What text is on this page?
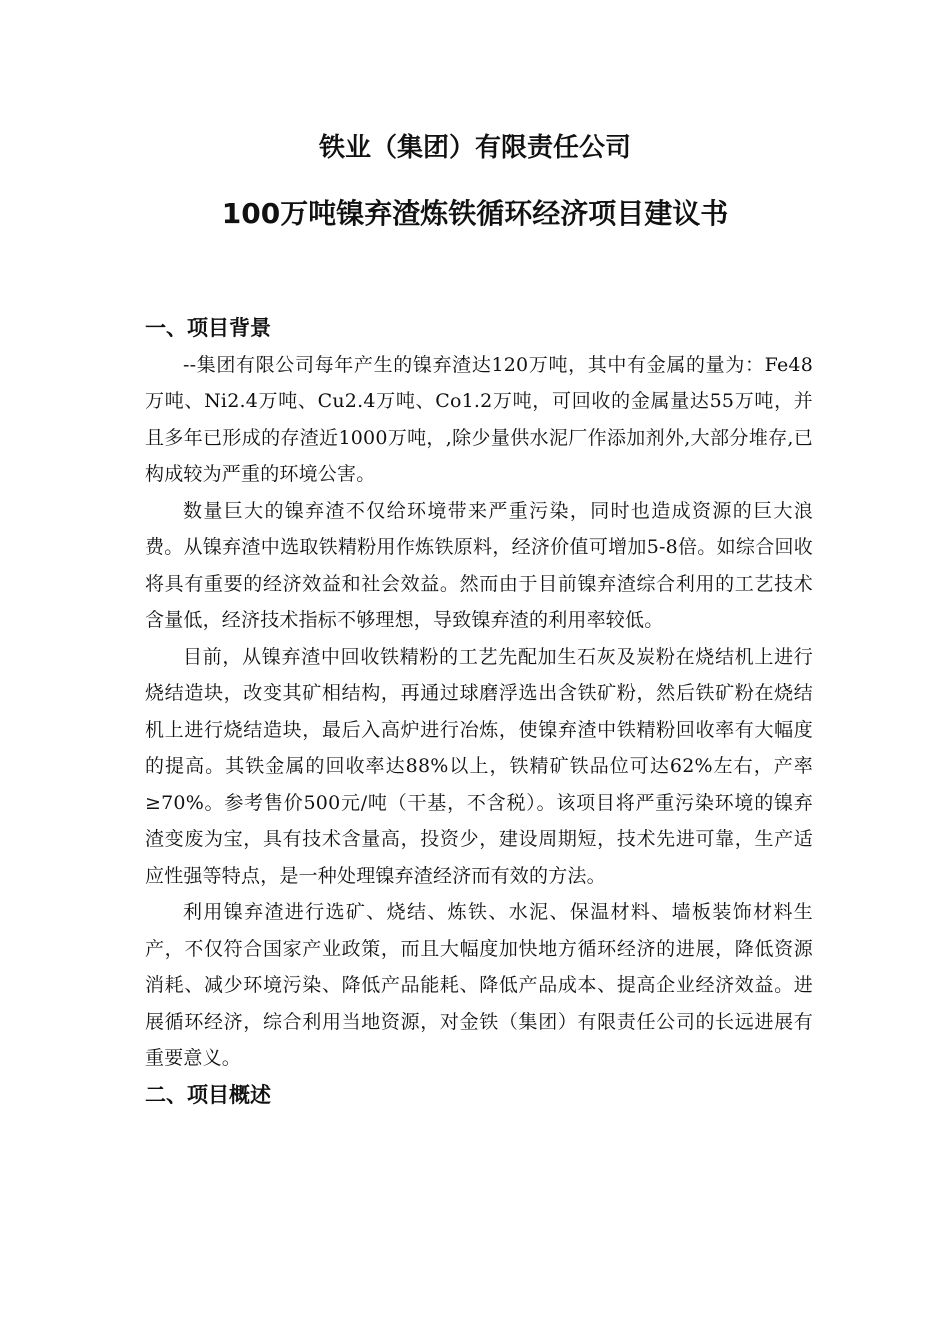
铁业（集团）有限责任公司
100万吨镍弃渣炼铁循环经济项目建议书
一、项目背景

--集团有限公司每年产生的镍弃渣达120万吨，其中有金属的量为：Fe48万吨、Ni2.4万吨、Cu2.4万吨、Co1.2万吨，可回收的金属量达55万吨，并且多年已形成的存渣近1000万吨，,除少量供水泥厂作添加剂外,大部分堆存,已构成较为严重的环境公害。

数量巨大的镍弃渣不仅给环境带来严重污染，同时也造成资源的巨大浪费。从镍弃渣中选取铁精粉用作炼铁原料，经济价值可增加5-8倍。如综合回收将具有重要的经济效益和社会效益。然而由于目前镍弃渣综合利用的工艺技术含量低，经济技术指标不够理想，导致镍弃渣的利用率较低。

目前，从镍弃渣中回收铁精粉的工艺先配加生石灰及炭粉在烧结机上进行烧结造块，改变其矿相结构，再通过球磨浮选出含铁矿粉，然后铁矿粉在烧结机上进行烧结造块，最后入高炉进行冶炼，使镍弃渣中铁精粉回收率有大幅度的提高。其铁金属的回收率达88%以上，铁精矿铁品位可达62%左右，产率≥70%。参考售价500元/吨（干基，不含税）。该项目将严重污染环境的镍弃渣变废为宝，具有技术含量高，投资少，建设周期短，技术先进可靠，生产适应性强等特点，是一种处理镍弃渣经济而有效的方法。

利用镍弃渣进行选矿、烧结、炼铁、水泥、保温材料、墙板装饰材料生产，不仅符合国家产业政策，而且大幅度加快地方循环经济的进展，降低资源消耗、减少环境污染、降低产品能耗、降低产品成本、提高企业经济效益。进展循环经济，综合利用当地资源，对金铁（集团）有限责任公司的长远进展有重要意义。

二、项目概述
